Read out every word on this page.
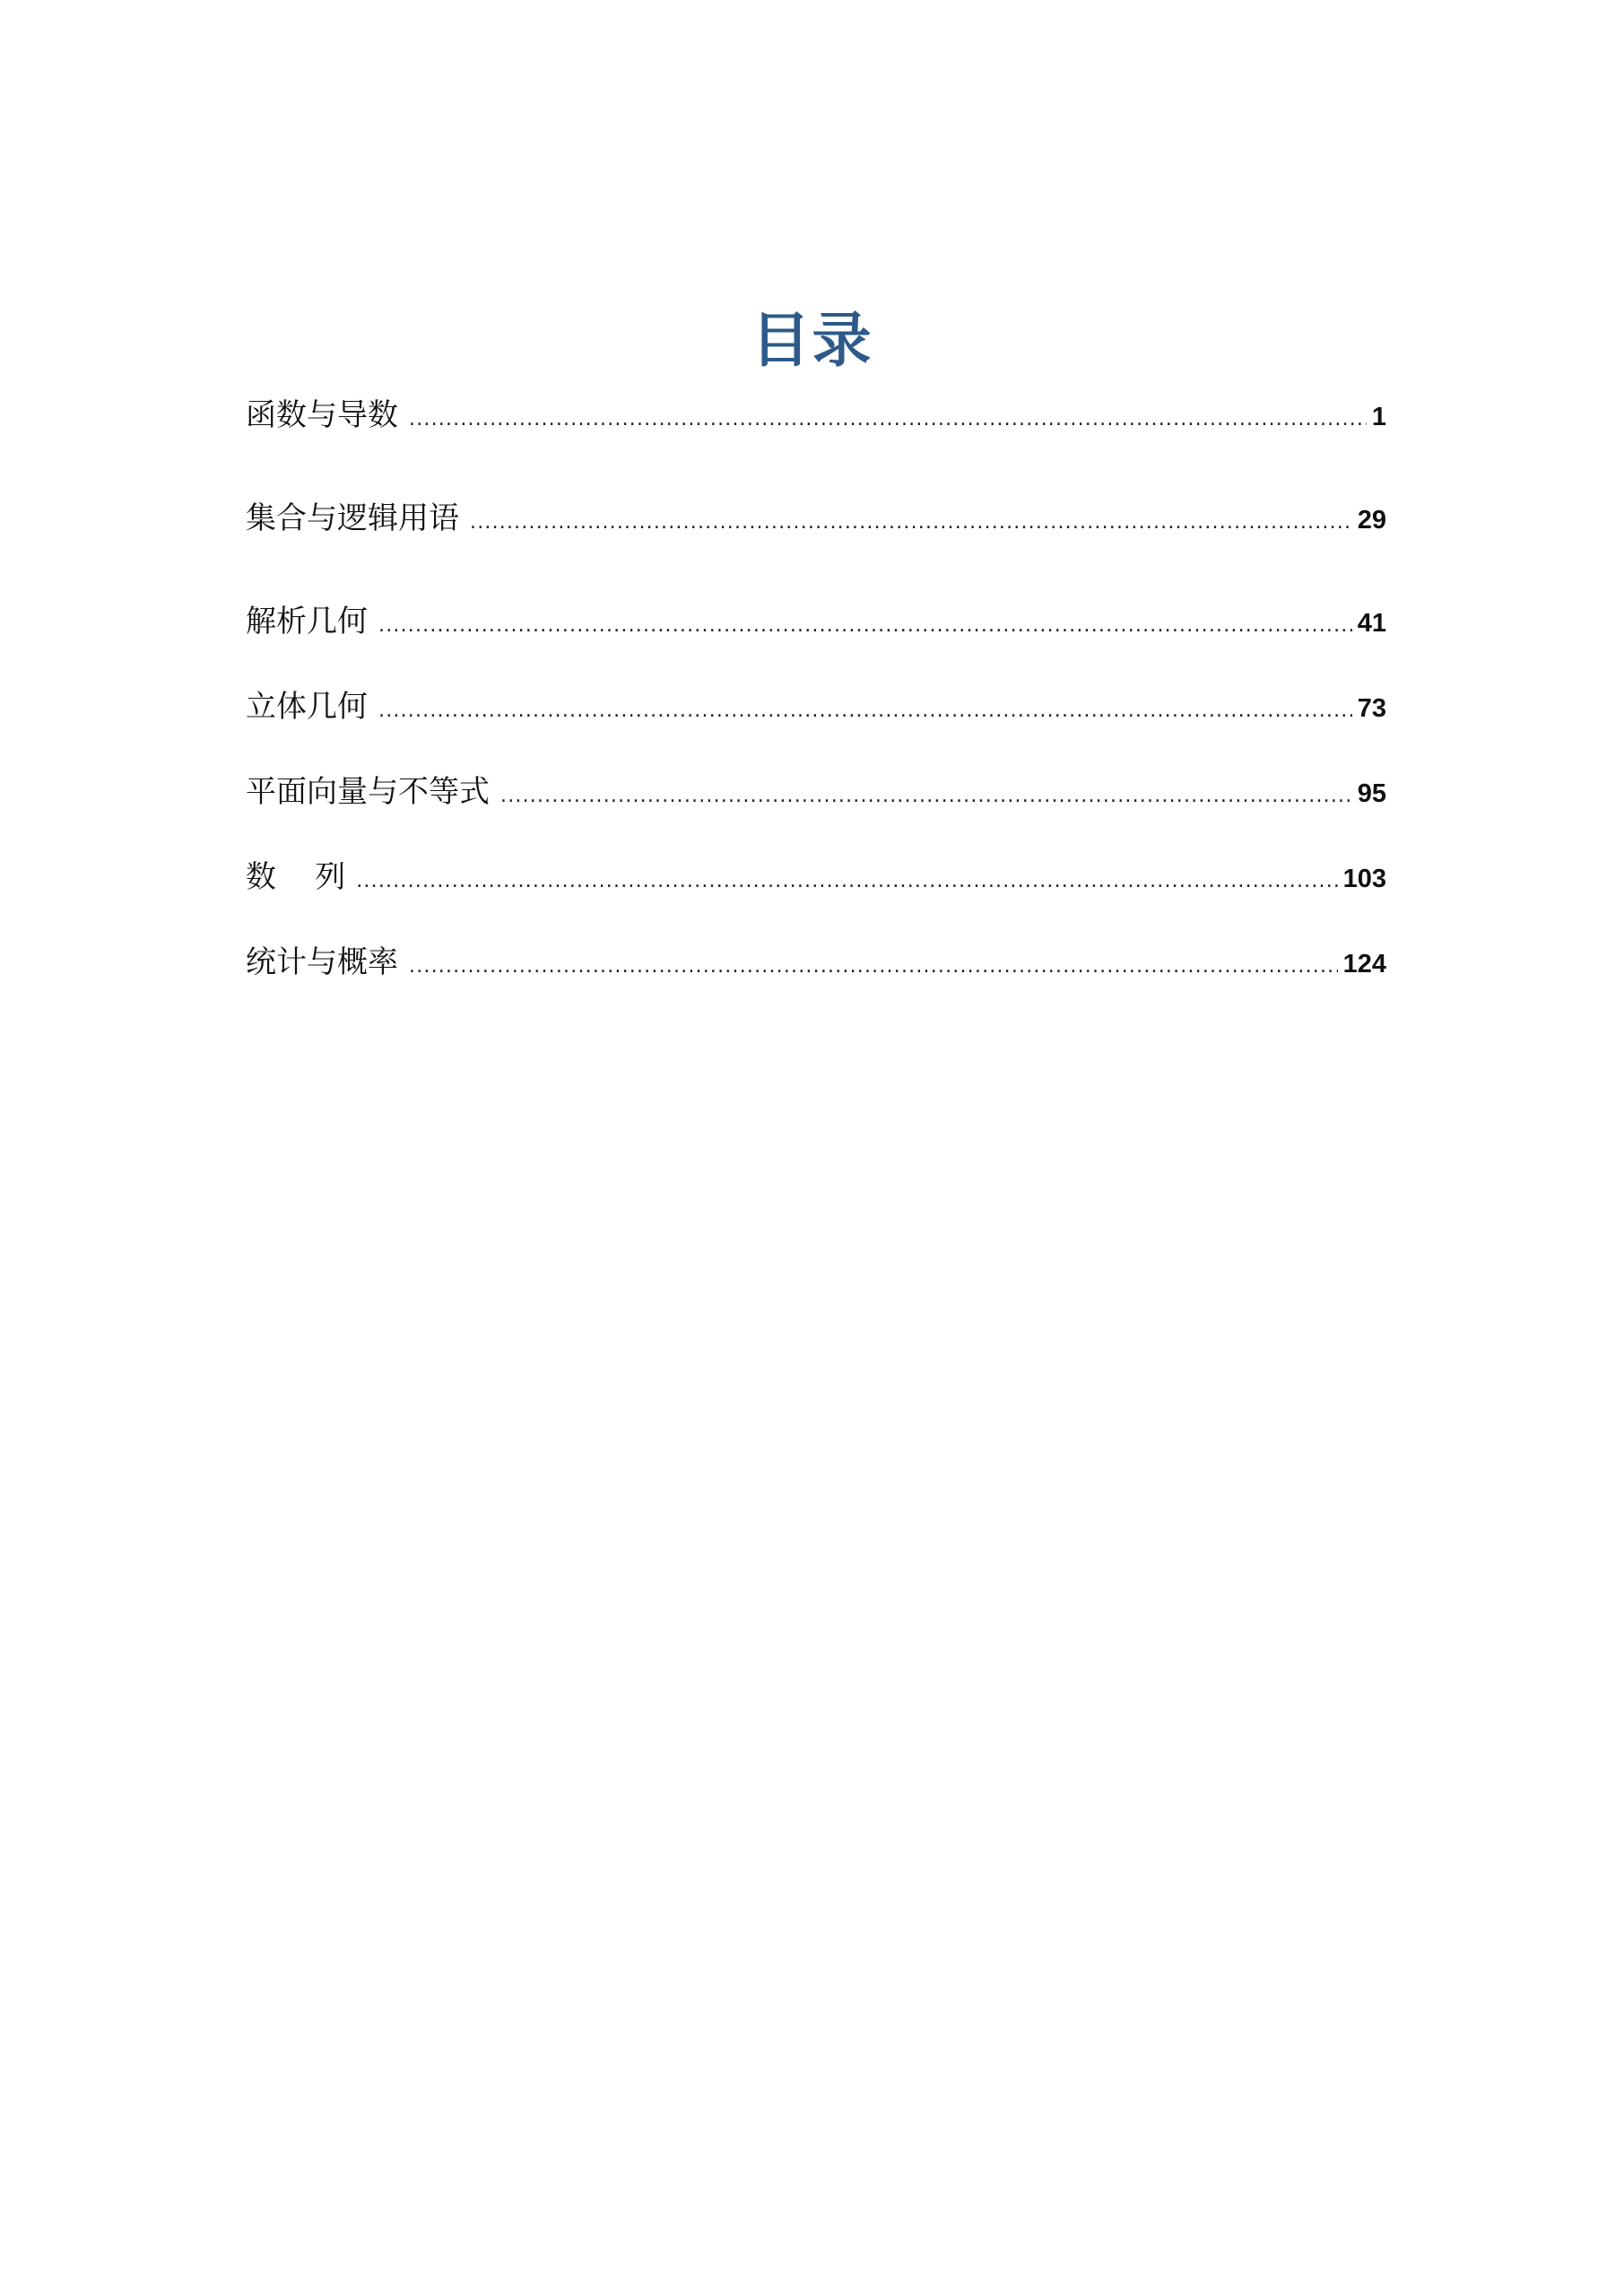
目录
函数与导数 .....	1
集合与逻辑用语 .....	29
解析几何 .....	41
立体几何 .....	73
平面向量与不等式 .....	95
数    列 .....	103
统计与概率 .....	124
